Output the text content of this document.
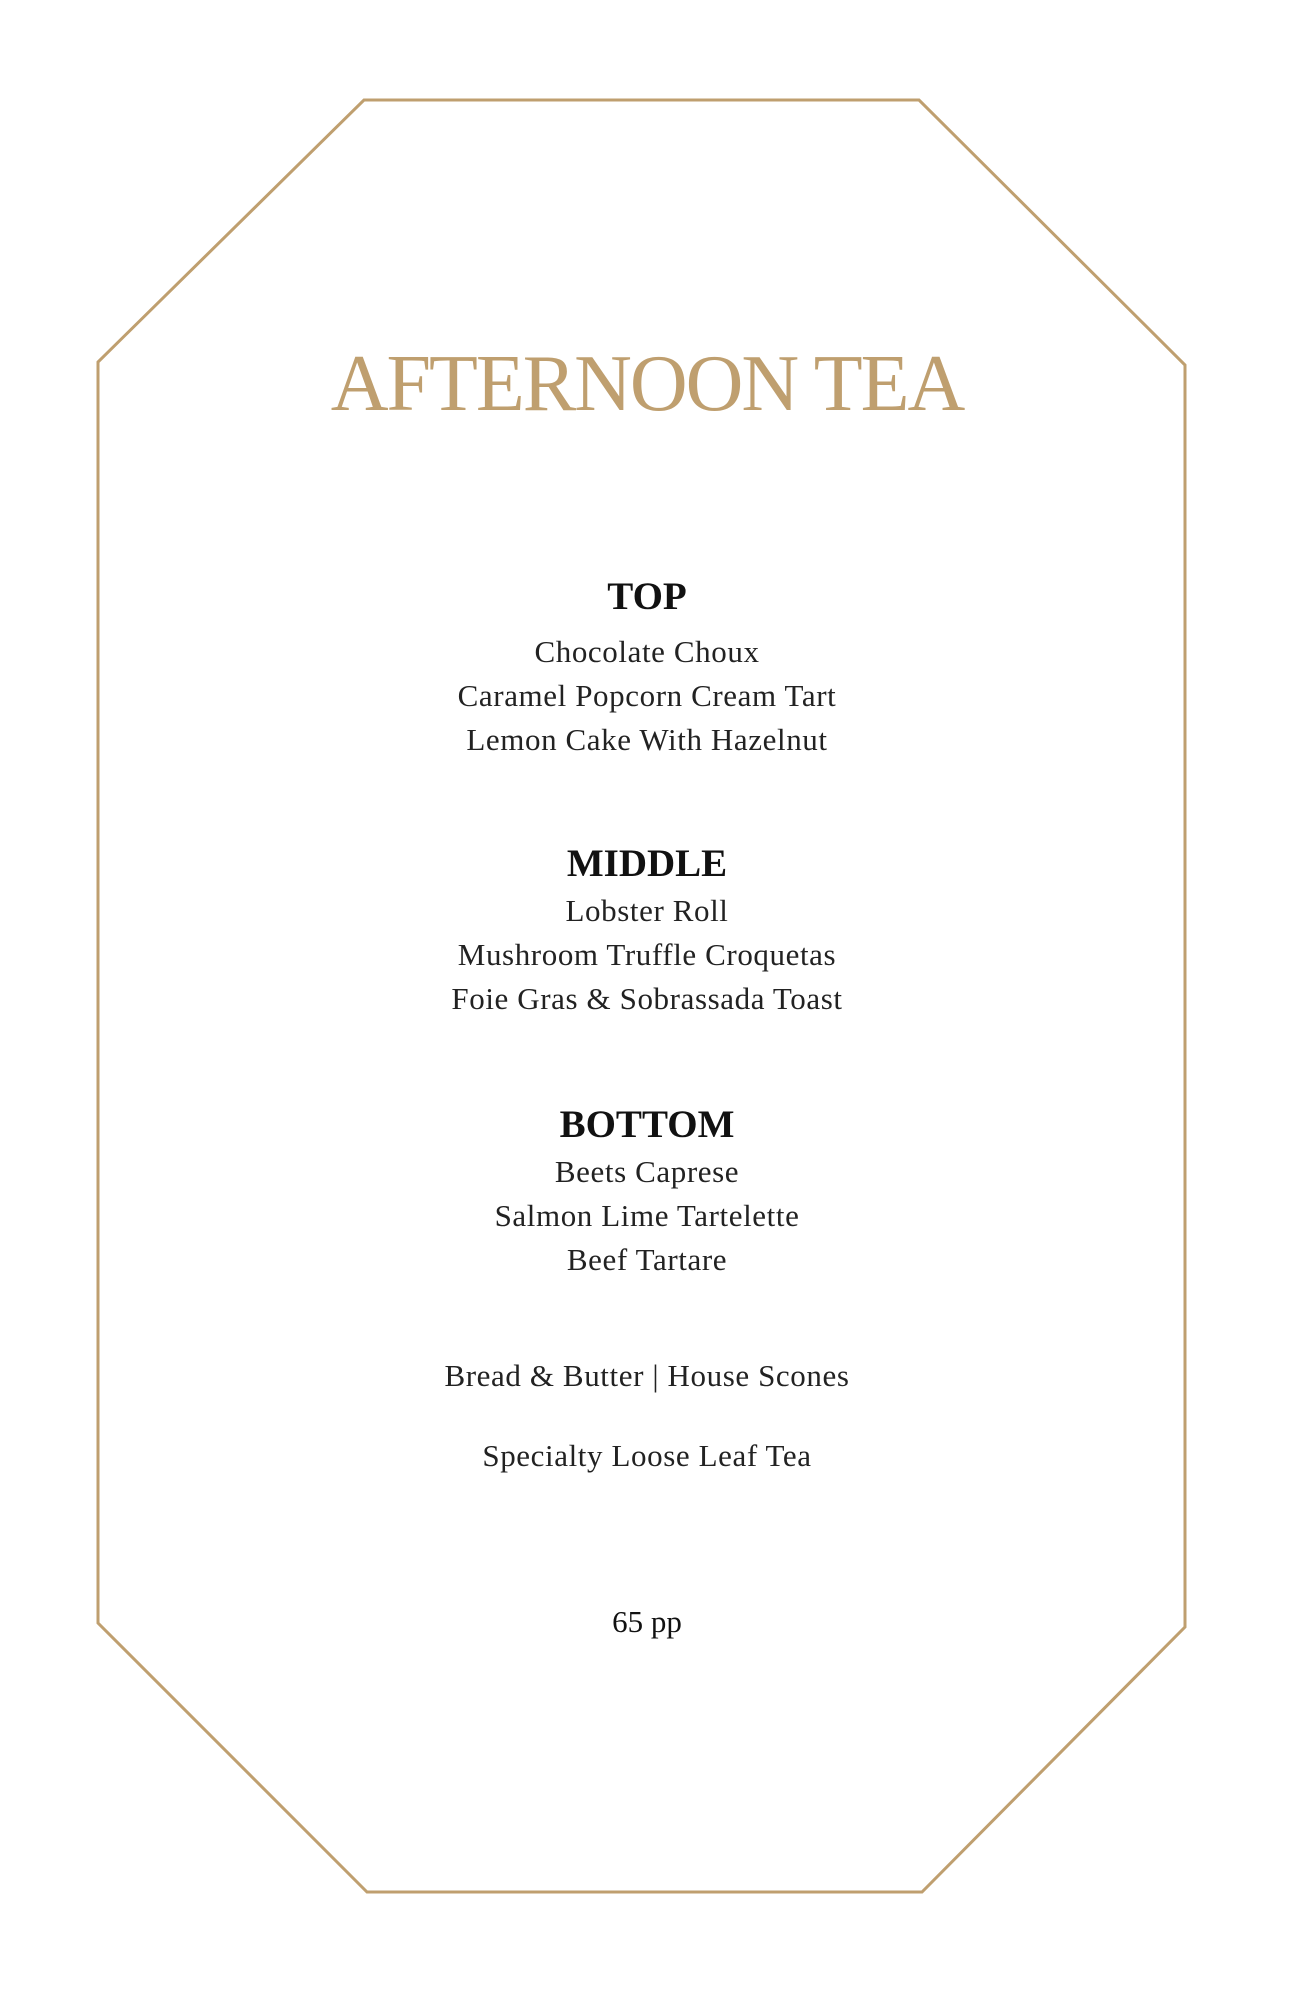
AFTERNOON TEA

TOP

Chocolate Choux

Caramel Popcorn Cream Tart

Lemon Cake With Hazelnut

MIDDLE

Lobster Roll

Mushroom Truffle Croquetas

Foie Gras & Sobrassada Toast

BOTTOM

Beets Caprese

Salmon Lime Tartelette

Beef Tartare

Bread & Butter | House Scones
Specialty Loose Leaf Tea
65 pp
